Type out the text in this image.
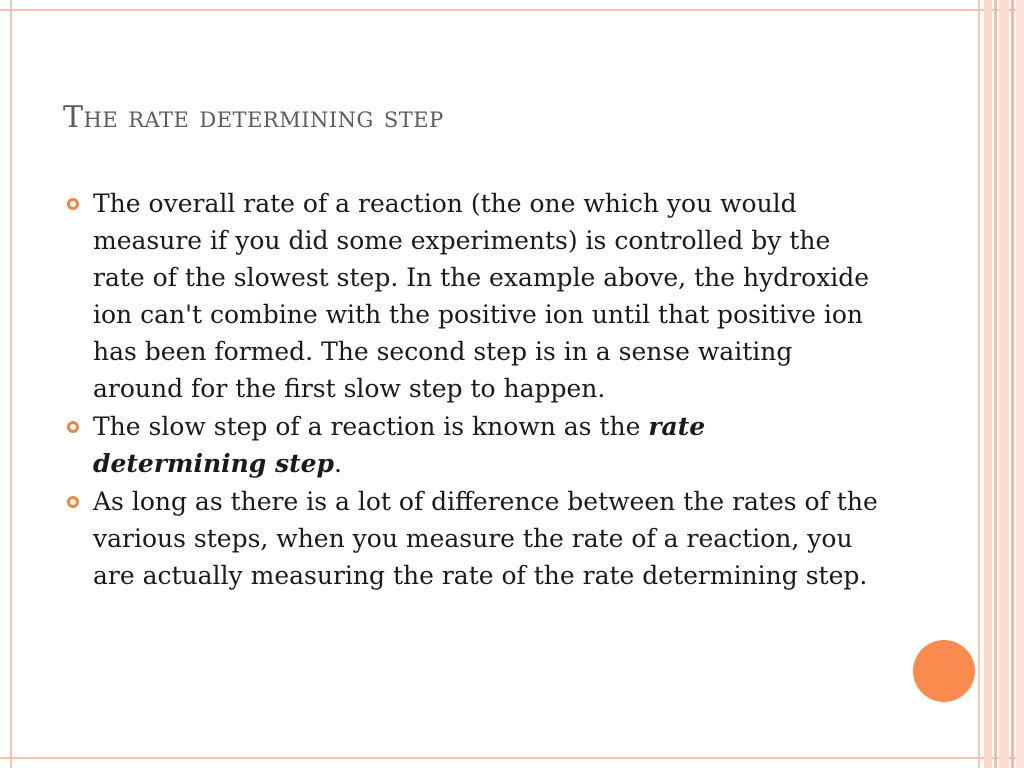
The rate determining step
The overall rate of a reaction (the one which you would measure if you did some experiments) is controlled by the rate of the slowest step. In the example above, the hydroxide ion can't combine with the positive ion until that positive ion has been formed. The second step is in a sense waiting around for the first slow step to happen.
The slow step of a reaction is known as the rate determining step.
As long as there is a lot of difference between the rates of the various steps, when you measure the rate of a reaction, you are actually measuring the rate of the rate determining step.
